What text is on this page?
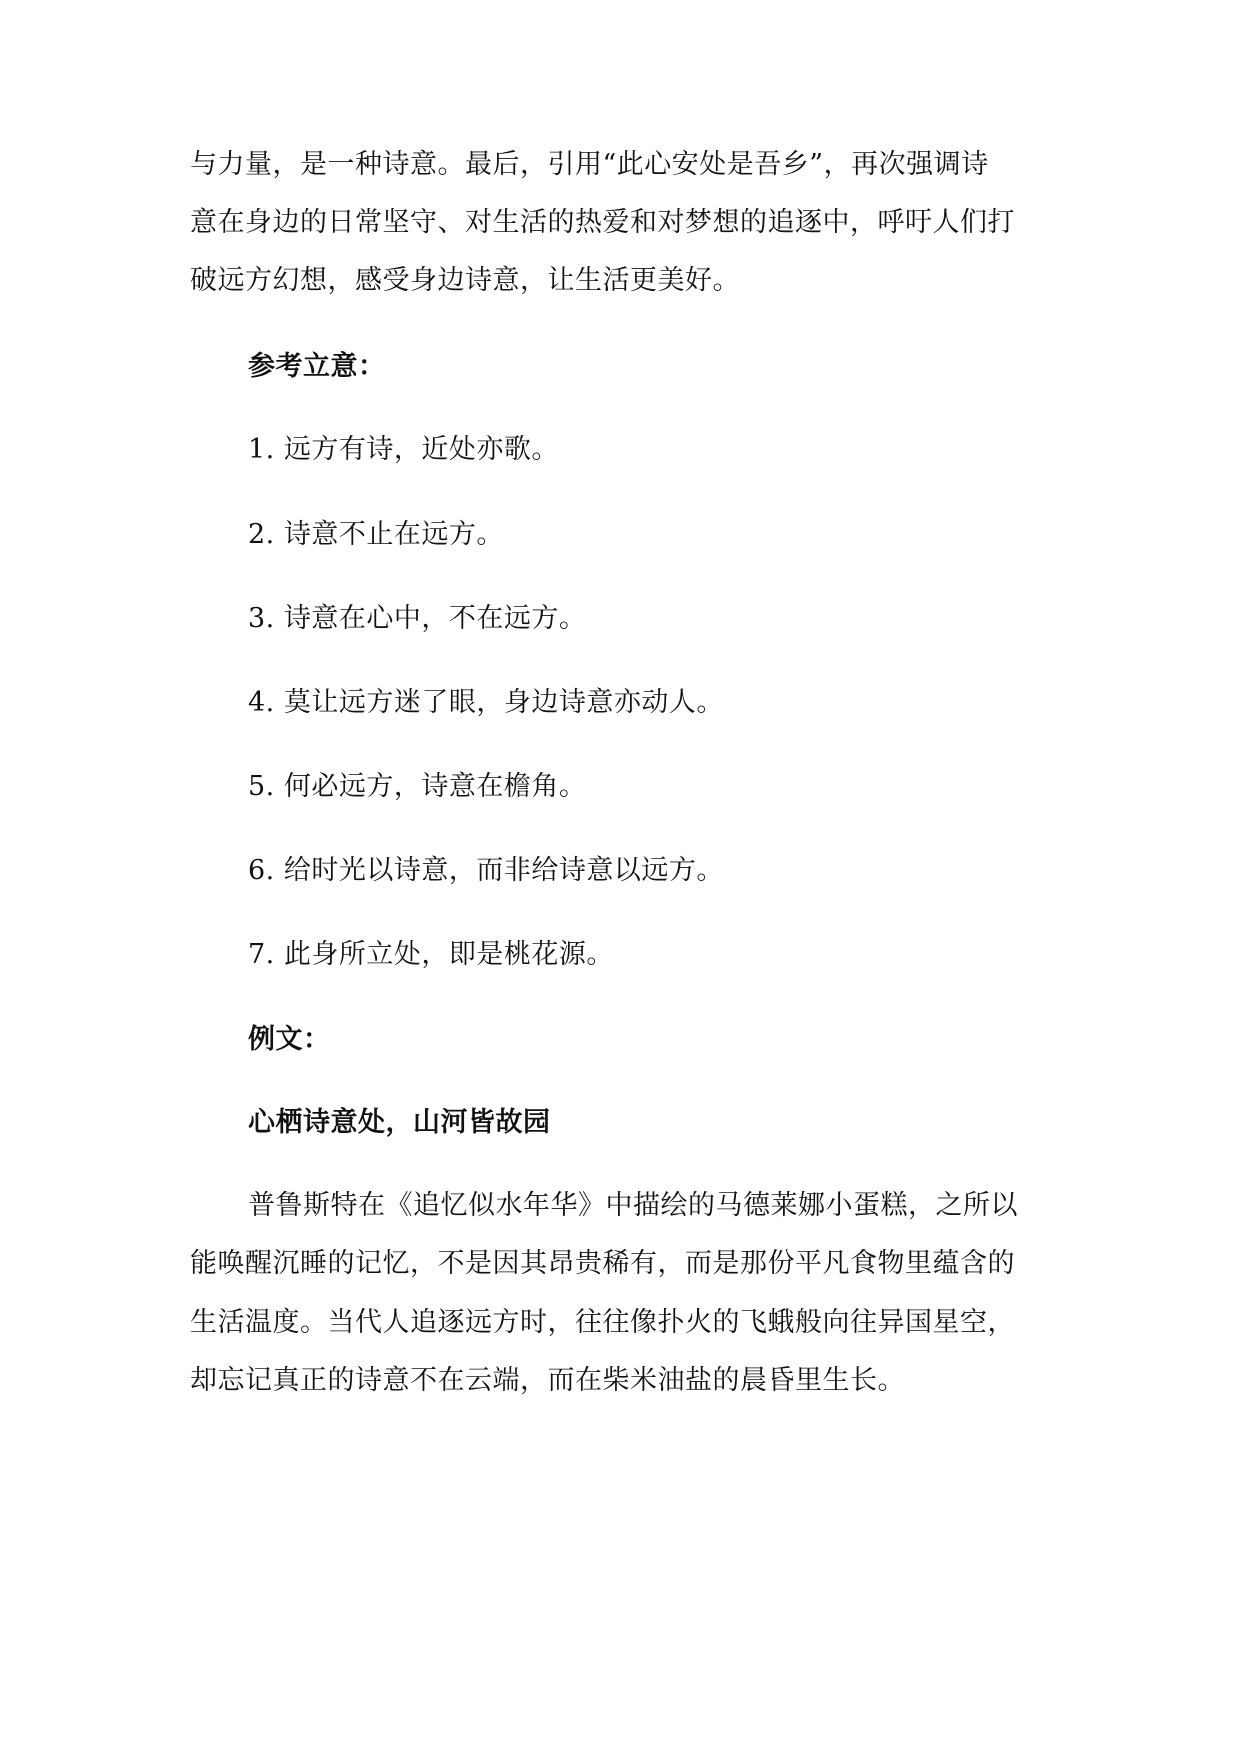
与力量，是一种诗意。最后，引用“此心安处是吾乡”，再次强调诗
意在身边的日常坚守、对生活的热爱和对梦想的追逐中，呼吁人们打
破远方幻想，感受身边诗意，让生活更美好。
参考立意：
1. 远方有诗，近处亦歌。
2. 诗意不止在远方。
3. 诗意在心中，不在远方。
4. 莫让远方迷了眼，身边诗意亦动人。
5. 何必远方，诗意在檐角。
6. 给时光以诗意，而非给诗意以远方。
7. 此身所立处，即是桃花源。
例文：
心栖诗意处，山河皆故园
普鲁斯特在《追忆似水年华》中描绘的马德莱娜小蛋糕，之所以
能唤醒沉睡的记忆，不是因其昂贵稀有，而是那份平凡食物里蕴含的
生活温度。当代人追逐远方时，往往像扑火的飞蛾般向往异国星空，
却忘记真正的诗意不在云端，而在柴米油盐的晨昏里生长。
